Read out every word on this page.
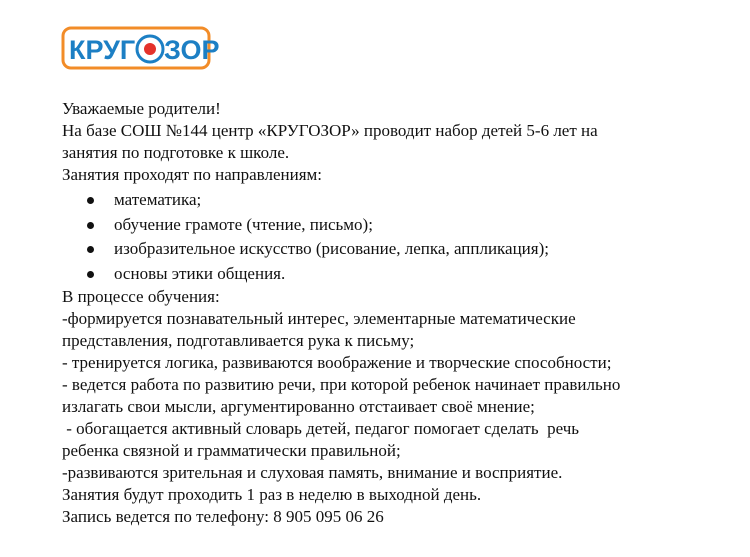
КРУГ ЗОР
Уважаемые родители!
На базе СОШ №144 центр «КРУГОЗОР» проводит набор детей 5-6 лет на
занятия по подготовке к школе.
Занятия проходят по направлениям:
математика;
обучение грамоте (чтение, письмо);
изобразительное искусство (рисование, лепка, аппликация);
основы этики общения.
В процессе обучения:
-формируется познавательный интерес, элементарные математические
представления, подготавливается рука к письму;
- тренируется логика, развиваются воображение и творческие способности;
- ведется работа по развитию речи, при которой ребенок начинает правильно
излагать свои мысли, аргументированно отстаивает своё мнение;
- обогащается активный словарь детей, педагог помогает сделать  речь
ребенка связной и грамматически правильной;
-развиваются зрительная и слуховая память, внимание и восприятие.
Занятия будут проходить 1 раз в неделю в выходной день.
Запись ведется по телефону: 8 905 095 06 26
